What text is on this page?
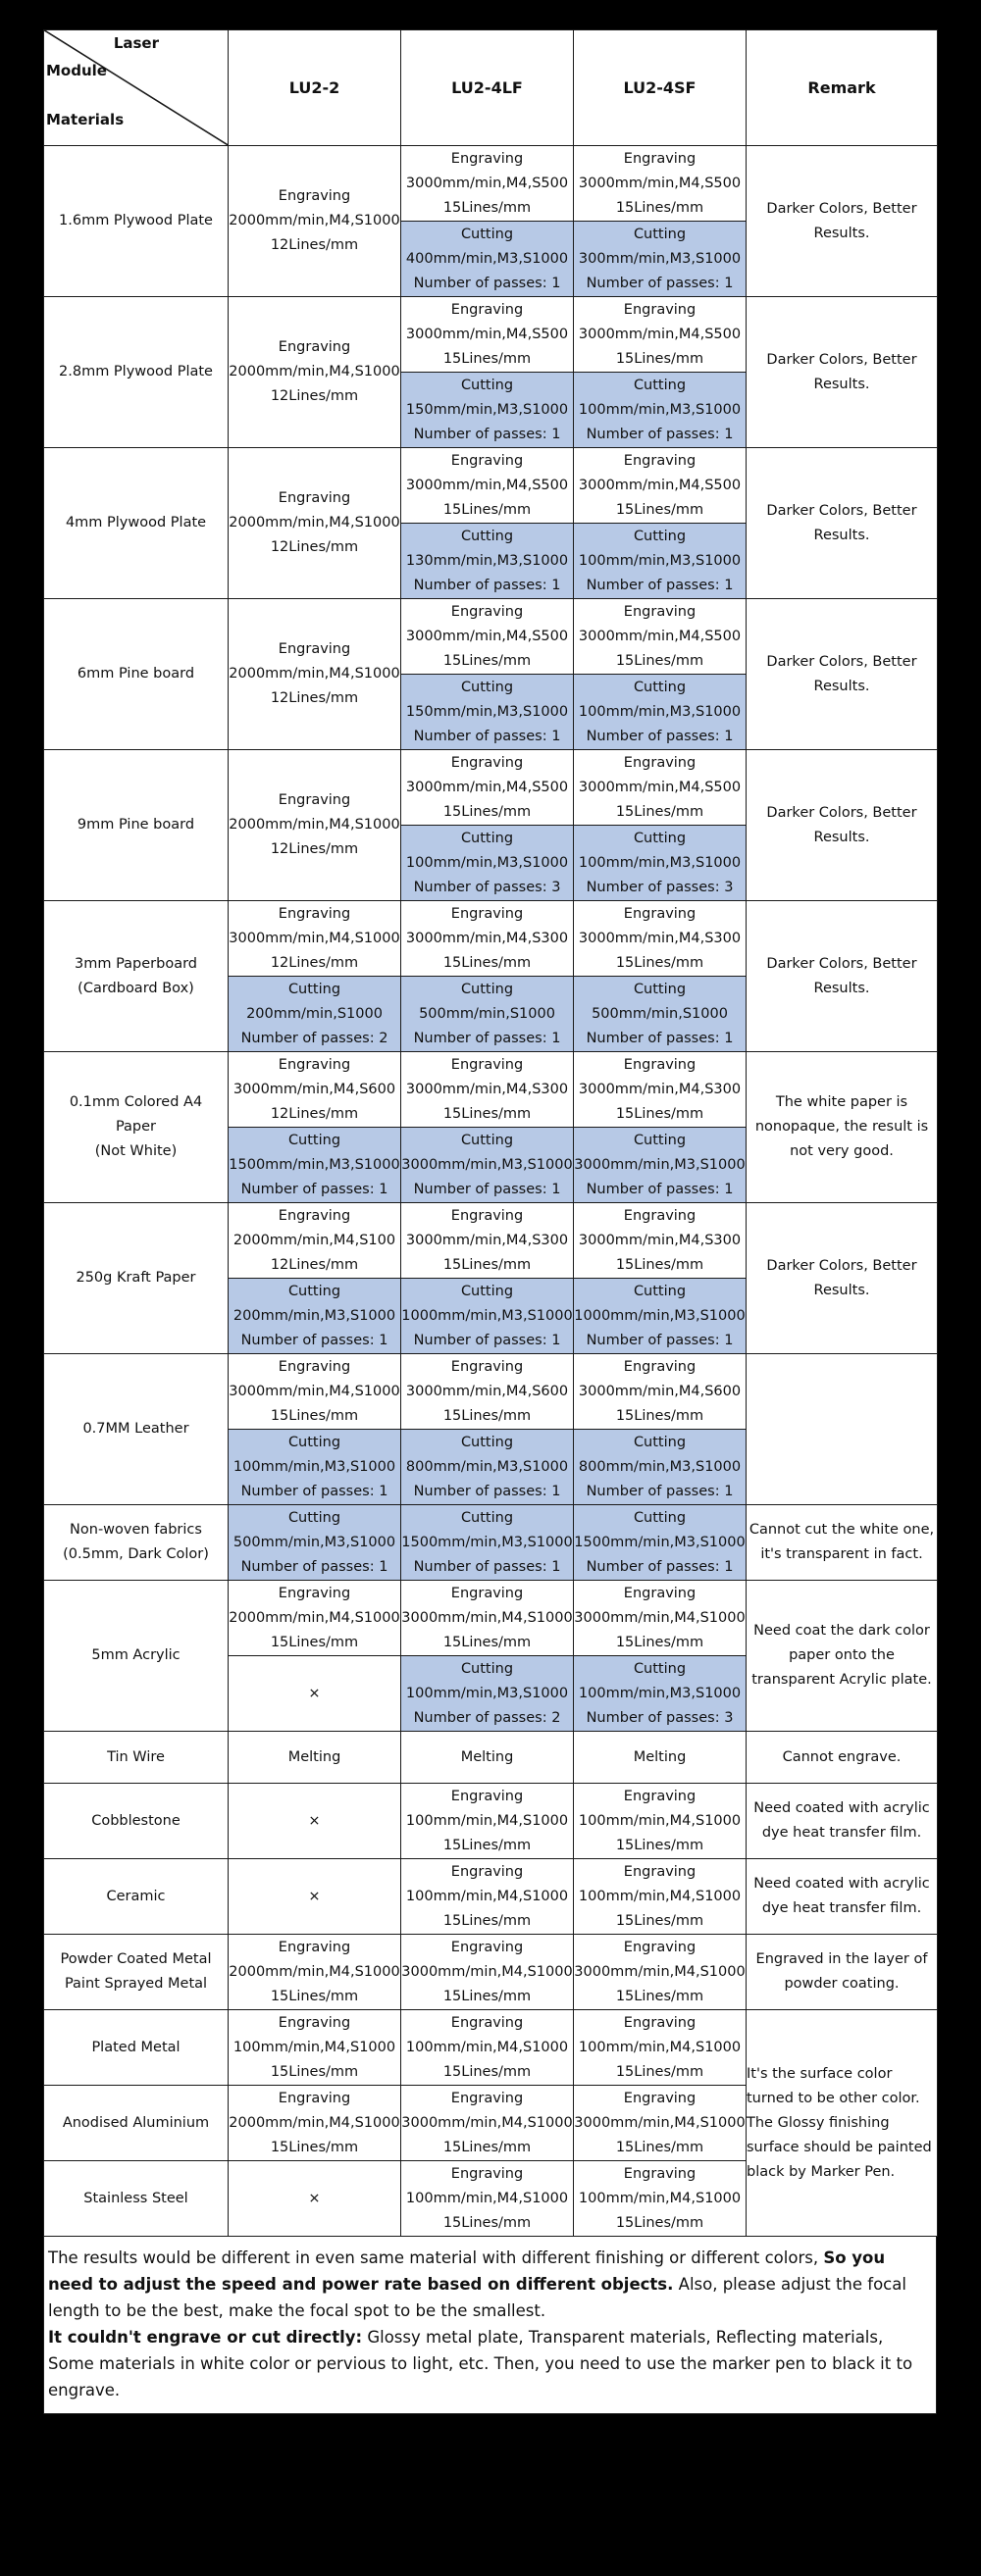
Laser
Module
Materials	LU2-2	LU2-4LF	LU2-4SF	Remark
1.6mm Plywood Plate	Engraving
2000mm/min,M4,S1000
12Lines/mm	Engraving
3000mm/min,M4,S500
15Lines/mm	Engraving
3000mm/min,M4,S500
15Lines/mm	Darker Colors, Better
Results.

		Cutting
400mm/min,M3,S1000
Number of passes: 1	Cutting
300mm/min,M3,S1000
Number of passes: 1	

2.8mm Plywood Plate	Engraving
2000mm/min,M4,S1000
12Lines/mm	Engraving
3000mm/min,M4,S500
15Lines/mm	Engraving
3000mm/min,M4,S500
15Lines/mm	Darker Colors, Better
Results.

		Cutting
150mm/min,M3,S1000
Number of passes: 1	Cutting
100mm/min,M3,S1000
Number of passes: 1	

4mm Plywood Plate	Engraving
2000mm/min,M4,S1000
12Lines/mm	Engraving
3000mm/min,M4,S500
15Lines/mm	Engraving
3000mm/min,M4,S500
15Lines/mm	Darker Colors, Better
Results.

		Cutting
130mm/min,M3,S1000
Number of passes: 1	Cutting
100mm/min,M3,S1000
Number of passes: 1	

6mm Pine board	Engraving
2000mm/min,M4,S1000
12Lines/mm	Engraving
3000mm/min,M4,S500
15Lines/mm	Engraving
3000mm/min,M4,S500
15Lines/mm	Darker Colors, Better
Results.

		Cutting
150mm/min,M3,S1000
Number of passes: 1	Cutting
100mm/min,M3,S1000
Number of passes: 1	

9mm Pine board	Engraving
2000mm/min,M4,S1000
12Lines/mm	Engraving
3000mm/min,M4,S500
15Lines/mm	Engraving
3000mm/min,M4,S500
15Lines/mm	Darker Colors, Better
Results.

		Cutting
100mm/min,M3,S1000
Number of passes: 3	Cutting
100mm/min,M3,S1000
Number of passes: 3	

3mm Paperboard
(Cardboard Box)	Engraving
3000mm/min,M4,S1000
12Lines/mm	Engraving
3000mm/min,M4,S300
15Lines/mm	Engraving
3000mm/min,M4,S300
15Lines/mm	Darker Colors, Better
Results.

	Cutting
200mm/min,S1000
Number of passes: 2	Cutting
500mm/min,S1000
Number of passes: 1	Cutting
500mm/min,S1000
Number of passes: 1	

0.1mm Colored A4
Paper
(Not White)	Engraving
3000mm/min,M4,S600
12Lines/mm	Engraving
3000mm/min,M4,S300
15Lines/mm	Engraving
3000mm/min,M4,S300
15Lines/mm	The white paper is
nonopaque, the result is
not very good.

	Cutting
1500mm/min,M3,S1000
Number of passes: 1	Cutting
3000mm/min,M3,S1000
Number of passes: 1	Cutting
3000mm/min,M3,S1000
Number of passes: 1	

250g Kraft Paper	Engraving
2000mm/min,M4,S100
12Lines/mm	Engraving
3000mm/min,M4,S300
15Lines/mm	Engraving
3000mm/min,M4,S300
15Lines/mm	Darker Colors, Better
Results.

	Cutting
200mm/min,M3,S1000
Number of passes: 1	Cutting
1000mm/min,M3,S1000
Number of passes: 1	Cutting
1000mm/min,M3,S1000
Number of passes: 1	

0.7MM Leather	Engraving
3000mm/min,M4,S1000
15Lines/mm	Engraving
3000mm/min,M4,S600
15Lines/mm	Engraving
3000mm/min,M4,S600
15Lines/mm	

	Cutting
100mm/min,M3,S1000
Number of passes: 1	Cutting
800mm/min,M3,S1000
Number of passes: 1	Cutting
800mm/min,M3,S1000
Number of passes: 1	

Non-woven fabrics
(0.5mm, Dark Color)	Cutting
500mm/min,M3,S1000
Number of passes: 1	Cutting
1500mm/min,M3,S1000
Number of passes: 1	Cutting
1500mm/min,M3,S1000
Number of passes: 1	Cannot cut the white one,
it's transparent in fact.

5mm Acrylic	Engraving
2000mm/min,M4,S1000
15Lines/mm	Engraving
3000mm/min,M4,S1000
15Lines/mm	Engraving
3000mm/min,M4,S1000
15Lines/mm	Need coat the dark color
paper onto the
transparent Acrylic plate.

	×	Cutting
100mm/min,M3,S1000
Number of passes: 2	Cutting
100mm/min,M3,S1000
Number of passes: 3	

Tin Wire	Melting	Melting	Melting	Cannot engrave.
Cobblestone	×	Engraving
100mm/min,M4,S1000
15Lines/mm	Engraving
100mm/min,M4,S1000
15Lines/mm	Need coated with acrylic
dye heat transfer film.

Ceramic	×	Engraving
100mm/min,M4,S1000
15Lines/mm	Engraving
100mm/min,M4,S1000
15Lines/mm	Need coated with acrylic
dye heat transfer film.

Powder Coated Metal
Paint Sprayed Metal	Engraving
2000mm/min,M4,S1000
15Lines/mm	Engraving
3000mm/min,M4,S1000
15Lines/mm	Engraving
3000mm/min,M4,S1000
15Lines/mm	Engraved in the layer of
powder coating.

Plated Metal	Engraving
100mm/min,M4,S1000
15Lines/mm	Engraving
100mm/min,M4,S1000
15Lines/mm	Engraving
100mm/min,M4,S1000
15Lines/mm	It's the surface color
turned to be other color.
The Glossy finishing
surface should be painted
black by Marker Pen.

Anodised Aluminium	Engraving
2000mm/min,M4,S1000
15Lines/mm	Engraving
3000mm/min,M4,S1000
15Lines/mm	Engraving
3000mm/min,M4,S1000
15Lines/mm	

Stainless Steel	×	Engraving
100mm/min,M4,S1000
15Lines/mm	Engraving
100mm/min,M4,S1000
15Lines/mm	

The results would be different in even same material with different finishing or different colors, So you need to adjust the speed and power rate based on different objects. Also, please adjust the focal length to be the best, make the focal spot to be the smallest.

It couldn't engrave or cut directly: Glossy metal plate, Transparent materials, Reflecting materials, Some materials in white color or pervious to light, etc. Then, you need to use the marker pen to black it to engrave.
